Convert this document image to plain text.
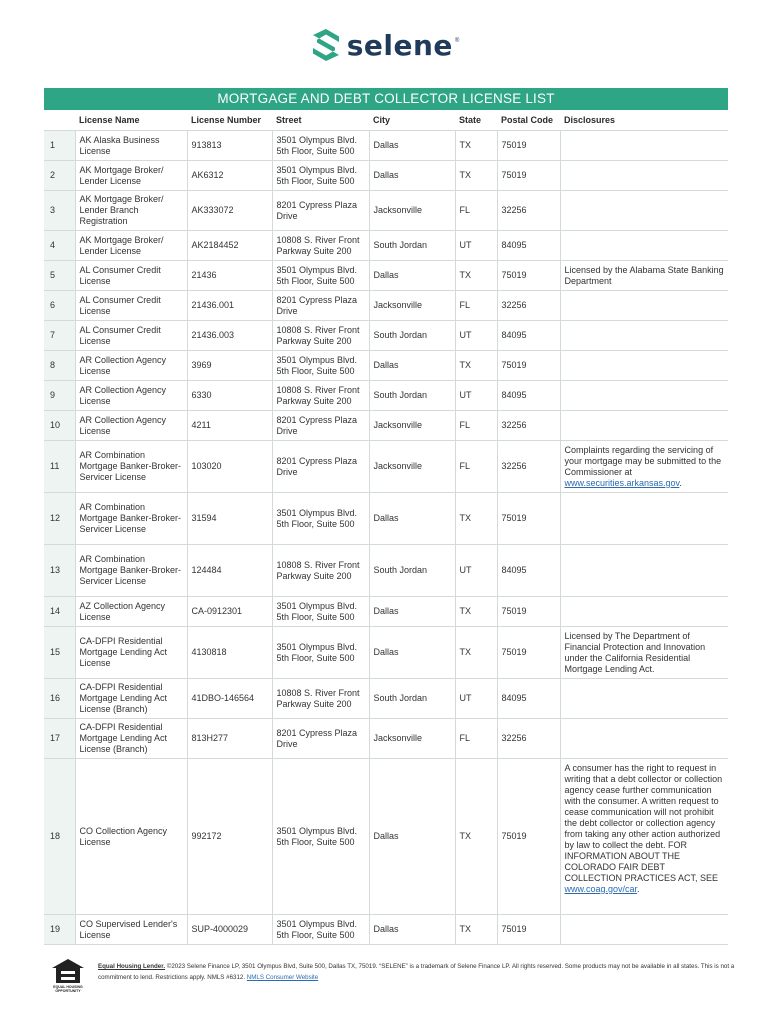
selene ®
MORTGAGE AND DEBT COLLECTOR LICENSE LIST
	License Name	License Number	Street	City	State	Postal Code	Disclosures
1	AK Alaska Business License	913813	3501 Olympus Blvd. 5th Floor, Suite 500	Dallas	TX	75019	
2	AK Mortgage Broker/ Lender License	AK6312	3501 Olympus Blvd. 5th Floor, Suite 500	Dallas	TX	75019	
3	AK Mortgage Broker/ Lender Branch Registration	AK333072	8201 Cypress Plaza Drive	Jacksonville	FL	32256	
4	AK Mortgage Broker/ Lender License	AK2184452	10808 S. River Front Parkway Suite 200	South Jordan	UT	84095	
5	AL Consumer Credit License	21436	3501 Olympus Blvd. 5th Floor, Suite 500	Dallas	TX	75019	Licensed by the Alabama State Banking Department
6	AL Consumer Credit License	21436.001	8201 Cypress Plaza Drive	Jacksonville	FL	32256	
7	AL Consumer Credit License	21436.003	10808 S. River Front Parkway Suite 200	South Jordan	UT	84095	
8	AR Collection Agency License	3969	3501 Olympus Blvd. 5th Floor, Suite 500	Dallas	TX	75019	
9	AR Collection Agency License	6330	10808 S. River Front Parkway Suite 200	South Jordan	UT	84095	
10	AR Collection Agency License	4211	8201 Cypress Plaza Drive	Jacksonville	FL	32256	
11	AR Combination Mortgage Banker-Broker-Servicer License	103020	8201 Cypress Plaza Drive	Jacksonville	FL	32256	Complaints regarding the servicing of your mortgage may be submitted to the Commissioner at www.securities.arkansas.gov.
12	AR Combination Mortgage Banker-Broker-Servicer License	31594	3501 Olympus Blvd. 5th Floor, Suite 500	Dallas	TX	75019	
13	AR Combination Mortgage Banker-Broker-Servicer License	124484	10808 S. River Front Parkway Suite 200	South Jordan	UT	84095	
14	AZ Collection Agency License	CA-0912301	3501 Olympus Blvd. 5th Floor, Suite 500	Dallas	TX	75019	
15	CA-DFPI Residential Mortgage Lending Act License	4130818	3501 Olympus Blvd. 5th Floor, Suite 500	Dallas	TX	75019	Licensed by The Department of Financial Protection and Innovation under the California Residential Mortgage Lending Act.
16	CA-DFPI Residential Mortgage Lending Act License (Branch)	41DBO-146564	10808 S. River Front Parkway Suite 200	South Jordan	UT	84095	
17	CA-DFPI Residential Mortgage Lending Act License (Branch)	813H277	8201 Cypress Plaza Drive	Jacksonville	FL	32256	
18	CO Collection Agency License	992172	3501 Olympus Blvd. 5th Floor, Suite 500	Dallas	TX	75019	A consumer has the right to request in writing that a debt collector or collection agency cease further communication with the consumer. A written request to cease communication will not prohibit the debt collector or collection agency from taking any other action authorized by law to collect the debt. FOR INFORMATION ABOUT THE COLORADO FAIR DEBT COLLECTION PRACTICES ACT, SEE www.coag.gov/car.
19	CO Supervised Lender's License	SUP-4000029	3501 Olympus Blvd. 5th Floor, Suite 500	Dallas	TX	75019	
EQUAL HOUSING OPPORTUNITY
Equal Housing Lender. ©2023 Selene Finance LP, 3501 Olympus Blvd, Suite 500, Dallas TX, 75019. “SELENE” is a trademark of Selene Finance LP. All rights reserved. Some products may not be available in all states. This is not a commitment to lend. Restrictions apply. NMLS #6312. NMLS Consumer Website
